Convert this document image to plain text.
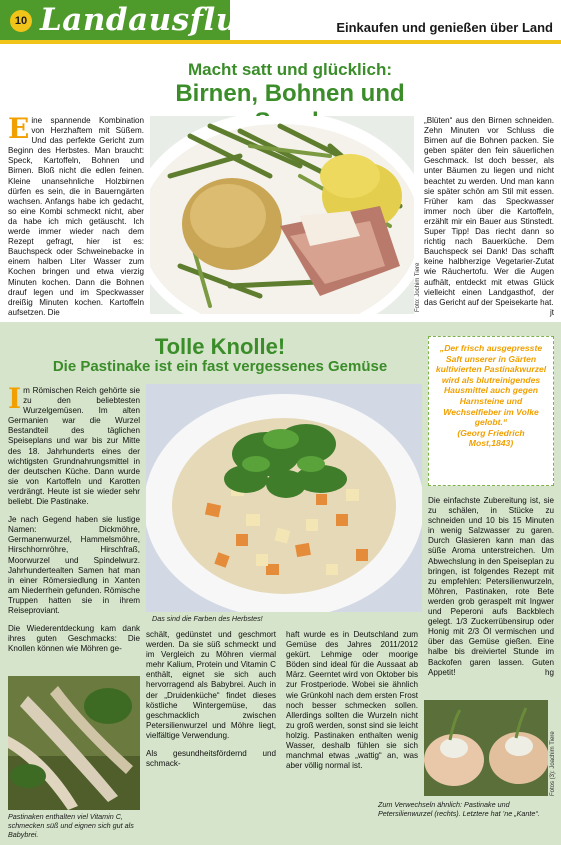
10 Landausflug	Einkaufen und genießen über Land
Macht satt und glücklich:
Birnen, Bohnen und
Eine spannende Kombination von Herzhaftem mit Süßem. Und das perfekte Gericht zum Beginn des Herbstes. Man braucht: Speck, Kartoffeln, Bohnen und Birnen. Bloß nicht die edlen feinen. Kleine unansehnliche Holzbirnen dürfen es sein, die in Bauerngärten wachsen. Anfangs habe ich gedacht, so eine Kombi schmeckt nicht, aber da habe ich mich getäuscht. Ich werde immer wieder nach dem Rezept gefragt, hier ist es: Bauchspeck oder Schweinebacke in einem halben Liter Wasser zum Kochen bringen und etwa vierzig Minuten kochen. Dann die Bohnen drauf legen und im Speckwasser dreißig Minuten kochen. Kartoffeln aufsetzen. Die
Foto: Jochim Tiere
„Blüten“ aus den Birnen schneiden. Zehn Minuten vor Schluss die Birnen auf die Bohnen packen. Sie geben später den fein säuerlichen Geschmack. Ist doch besser, als unter Bäumen zu liegen und nicht beachtet zu werden. Und man kann sie später schön am Stil mit essen. Früher kam das Speckwasser immer noch über die Kartoffeln, erzählt mir ein Bauer aus Stinstedt. Super Tipp! Das riecht dann so richtig nach Bauerküche. Dem Bauchspeck sei Dank! Das schafft keine halbherzige Vegetarier-Zutat wie Räuchertofu. Wer die Augen aufhält, entdeckt mit etwas Glück vielleicht einen Landgasthof, der das Gericht auf der Speisekarte hat.
jt
Tolle Knolle!
Die Pastinake ist ein fast vergessenes Gemüse
„Der frisch ausgepresste Saft unserer in Gärten kultivierten Pastinakwurzel wird als blutreinigendes Hausmittel auch gegen Harnsteine und Wechselfieber im Volke gelobt.“
(Georg Friedrich Most,1843)

Im Römischen Reich gehörte sie zu den beliebtesten Wurzelgemüsen. Im alten Germanien war die Wurzel Bestandteil des täglichen Speiseplans und war bis zur Mitte des 18. Jahrhunderts eines der wichtigsten Grundnahrungsmittel in der deutschen Küche. Dann wurde sie von Kartoffeln und Karotten verdrängt. Heute ist sie wieder sehr beliebt. Die Pastinake.

Je nach Gegend haben sie lustige Namen: Dickmöhre, Germanenwurzel, Hammelsmöhre, Hirschhornröhre, Hirschfraß, Moorwurzel und Spindelwurz. Jahrhundertealten Samen hat man in einer Römersiedlung in Xanten am Niederrhein gefunden. Römische Truppen hatten sie in ihrem Reiseproviant.

Die Wiederentdeckung kam dank ihres guten Geschmacks: Die Knollen können wie Möhren ge-

Das sind die Farben des Herbstes!

schält, gedünstet und geschmort werden. Da sie süß schmeckt und im Vergleich zu Möhren viermal mehr Kalium, Protein und Vitamin C enthält, eignet sie sich auch hervorragend als Babybrei. Auch in der „Druidenküche“ findet dieses köstliche Wintergemüse, das geschmacklich zwischen Petersilienwurzel und Möhre liegt, vielfältige Verwendung.

Als gesundheitsfördernd und schmack-

haft wurde es in Deutschland zum Gemüse des Jahres 2011/2012 gekürt. Lehmige oder moorige Böden sind ideal für die Aussaat ab März. Geerntet wird von Oktober bis zur Frostperiode. Wobei sie ähnlich wie Grünkohl nach dem ersten Frost noch besser schmecken sollen. Allerdings sollten die Wurzeln nicht zu groß werden, sonst sind sie leicht holzig. Pastinaken enthalten wenig Wasser, deshalb fühlen sie sich manchmal etwas „wattig“ an, was aber völlig normal ist.
Die einfachste Zubereitung ist, sie zu schälen, in Stücke zu schneiden und 10 bis 15 Minuten in wenig Salzwasser zu garen. Durch Glasieren kann man das süße Aroma unterstreichen. Um Abwechslung in den Speiseplan zu bringen, ist folgendes Rezept mit zu empfehlen: Petersilienwurzeln, Möhren, Pastinaken, rote Bete werden grob geraspelt mit Ingwer und Peperoni aufs Backblech gelegt. 1/3 Zuckerrübensirup oder Honig mit 2/3 Öl vermischen und über das Gemüse gießen. Eine halbe bis dreiviertel Stunde im Backofen garen lassen. Guten Appetit!	hg
Pastinaken enthalten viel Vitamin C, schmecken süß und eignen sich gut als Babybrei.
Zum Verwechseln ähnlich: Pastinake und Petersilienwurzel (rechts). Letztere hat ’ne „Kante“.
Fotos (3): Joachim Tiere
